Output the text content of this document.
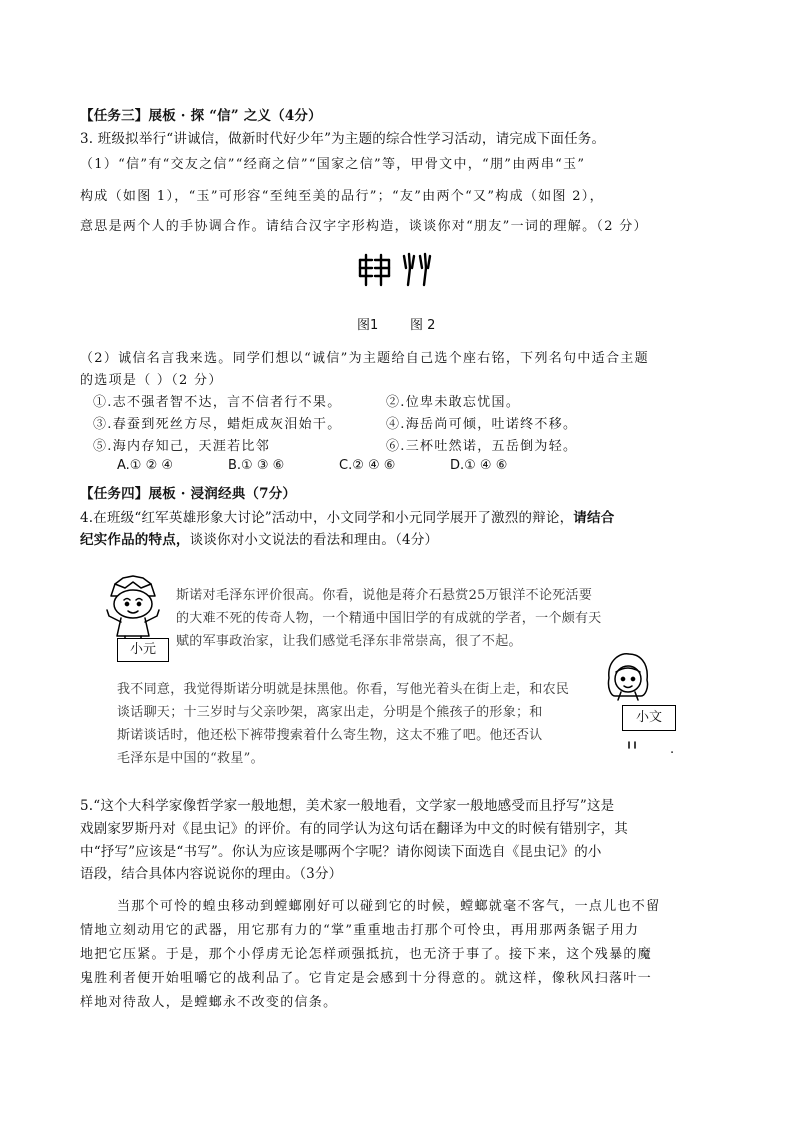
【任务三】展板 · 探 “信” 之义（4分）
3. 班级拟举行“讲诚信，做新时代好少年”为主题的综合性学习活动，请完成下面任务。
（1）“信”有“交友之信”“经商之信”“国家之信”等，甲骨文中，“朋”由两串“玉”
构成（如图 1），“玉”可形容“至纯至美的品行”；“友”由两个“又”构成（如图 2），
意思是两个人的手协调合作。请结合汉字字形构造，谈谈你对“朋友”一词的理解。（2 分）
图1 图 2
（2）诚信名言我来选。同学们想以“诚信”为主题给自己选个座右铭，下列名句中适合主题
的选项是（ ）（2 分）
①.志不强者智不达，言不信者行不果。	②.位卑未敢忘忧国。
③.春蚕到死丝方尽，蜡炬成灰泪始干。	④.海岳尚可倾，吐诺终不移。
⑤.海内存知己，天涯若比邻	⑥.三杯吐然诺，五岳倒为轻。
A.① ② ④	B.① ③ ⑥	C.② ④ ⑥	D.① ④ ⑥
【任务四】展板 · 浸润经典（7分）
4.在班级“红军英雄形象大讨论”活动中，小文同学和小元同学展开了激烈的辩论，请结合
纪实作品的特点，谈谈你对小文说法的看法和理由。（4分）
小元
斯诺对毛泽东评价很高。你看，说他是蒋介石悬赏25万银洋不论死活要
的大难不死的传奇人物，一个精通中国旧学的有成就的学者，一个颇有天
赋的军事政治家，让我们感觉毛泽东非常崇高，很了不起。
我不同意，我觉得斯诺分明就是抹黑他。你看，写他光着头在街上走，和农民
谈话聊天；十三岁时与父亲吵架，离家出走，分明是个熊孩子的形象；和
斯诺谈话时，他还松下裤带搜索着什么寄生物，这太不雅了吧。他还否认
毛泽东是中国的“救星”。
小文
.
5.“这个大科学家像哲学家一般地想，美术家一般地看，文学家一般地感受而且抒写”这是
戏剧家罗斯丹对《昆虫记》的评价。有的同学认为这句话在翻译为中文的时候有错别字，其
中“抒写”应该是“书写”。你认为应该是哪两个字呢？请你阅读下面选自《昆虫记》的小
语段，结合具体内容说说你的理由。（3分）
当那个可怜的蝗虫移动到螳螂刚好可以碰到它的时候，螳螂就毫不客气，一点儿也不留
情地立刻动用它的武器，用它那有力的“掌”重重地击打那个可怜虫，再用那两条锯子用力
地把它压紧。于是，那个小俘虏无论怎样顽强抵抗，也无济于事了。接下来，这个残暴的魔
鬼胜利者便开始咀嚼它的战利品了。它肯定是会感到十分得意的。就这样，像秋风扫落叶一
样地对待敌人，是螳螂永不改变的信条。
